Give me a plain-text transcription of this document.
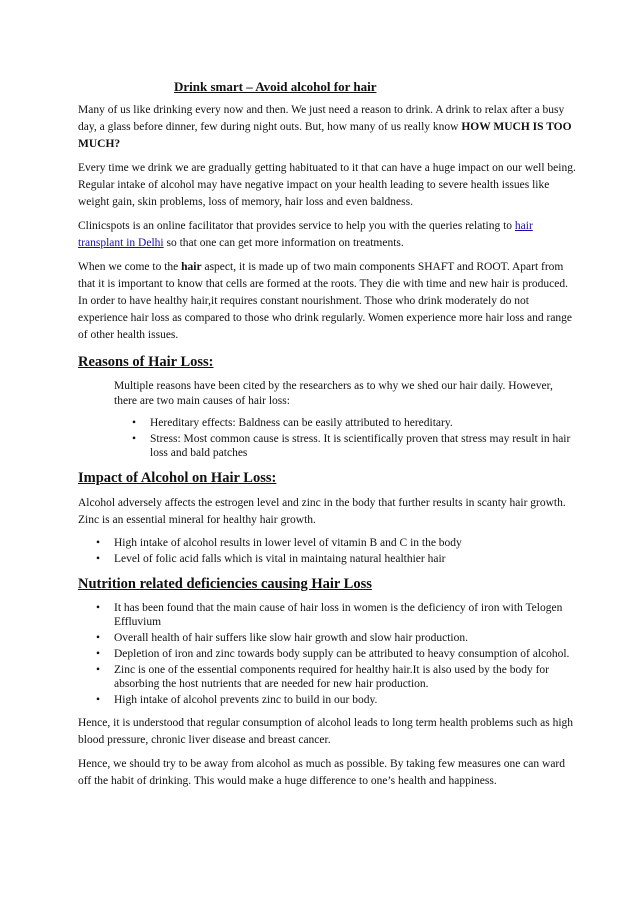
Drink smart – Avoid alcohol for hair

Many of us like drinking every now and then. We just need a reason to drink. A drink to relax after a busy day, a glass before dinner, few during night outs. But, how many of us really know HOW MUCH IS TOO MUCH?

Every time we drink we are gradually getting habituated to it that can have a huge impact on our well being. Regular intake of alcohol may have negative impact on your health leading to severe health issues like weight gain, skin problems, loss of memory, hair loss and even baldness.

Clinicspots is an online facilitator that provides service to help you with the queries relating to hair transplant in Delhi so that one can get more information on treatments.

When we come to the hair aspect, it is made up of two main components SHAFT and ROOT. Apart from that it is important to know that cells are formed at the roots. They die with time and new hair is produced. In order to have healthy hair,it requires constant nourishment. Those who drink moderately do not experience hair loss as compared to those who drink regularly. Women experience more hair loss and range of other health issues.

Reasons of Hair Loss:

Multiple reasons have been cited by the researchers as to why we shed our hair daily. However, there are two main causes of hair loss:

• Hereditary effects: Baldness can be easily attributed to hereditary.
• Stress: Most common cause is stress. It is scientifically proven that stress may result in hair loss and bald patches
Impact of Alcohol on Hair Loss:

Alcohol adversely affects the estrogen level and zinc in the body that further results in scanty hair growth. Zinc is an essential mineral for healthy hair growth.

• High intake of alcohol results in lower level of vitamin B and C in the body
• Level of folic acid falls which is vital in maintaing natural healthier hair
Nutrition related deficiencies causing Hair Loss
• It has been found that the main cause of hair loss in women is the deficiency of iron with Telogen Effluvium
• Overall health of hair suffers like slow hair growth and slow hair production.
• Depletion of iron and zinc towards body supply can be attributed to heavy consumption of alcohol.
• Zinc is one of the essential components required for healthy hair.It is also used by the body for absorbing the host nutrients that are needed for new hair production.
• High intake of alcohol prevents zinc to build in our body.

Hence, it is understood that regular consumption of alcohol leads to long term health problems such as high blood pressure, chronic liver disease and breast cancer.

Hence, we should try to be away from alcohol as much as possible. By taking few measures one can ward off the habit of drinking. This would make a huge difference to one’s health and happiness.
